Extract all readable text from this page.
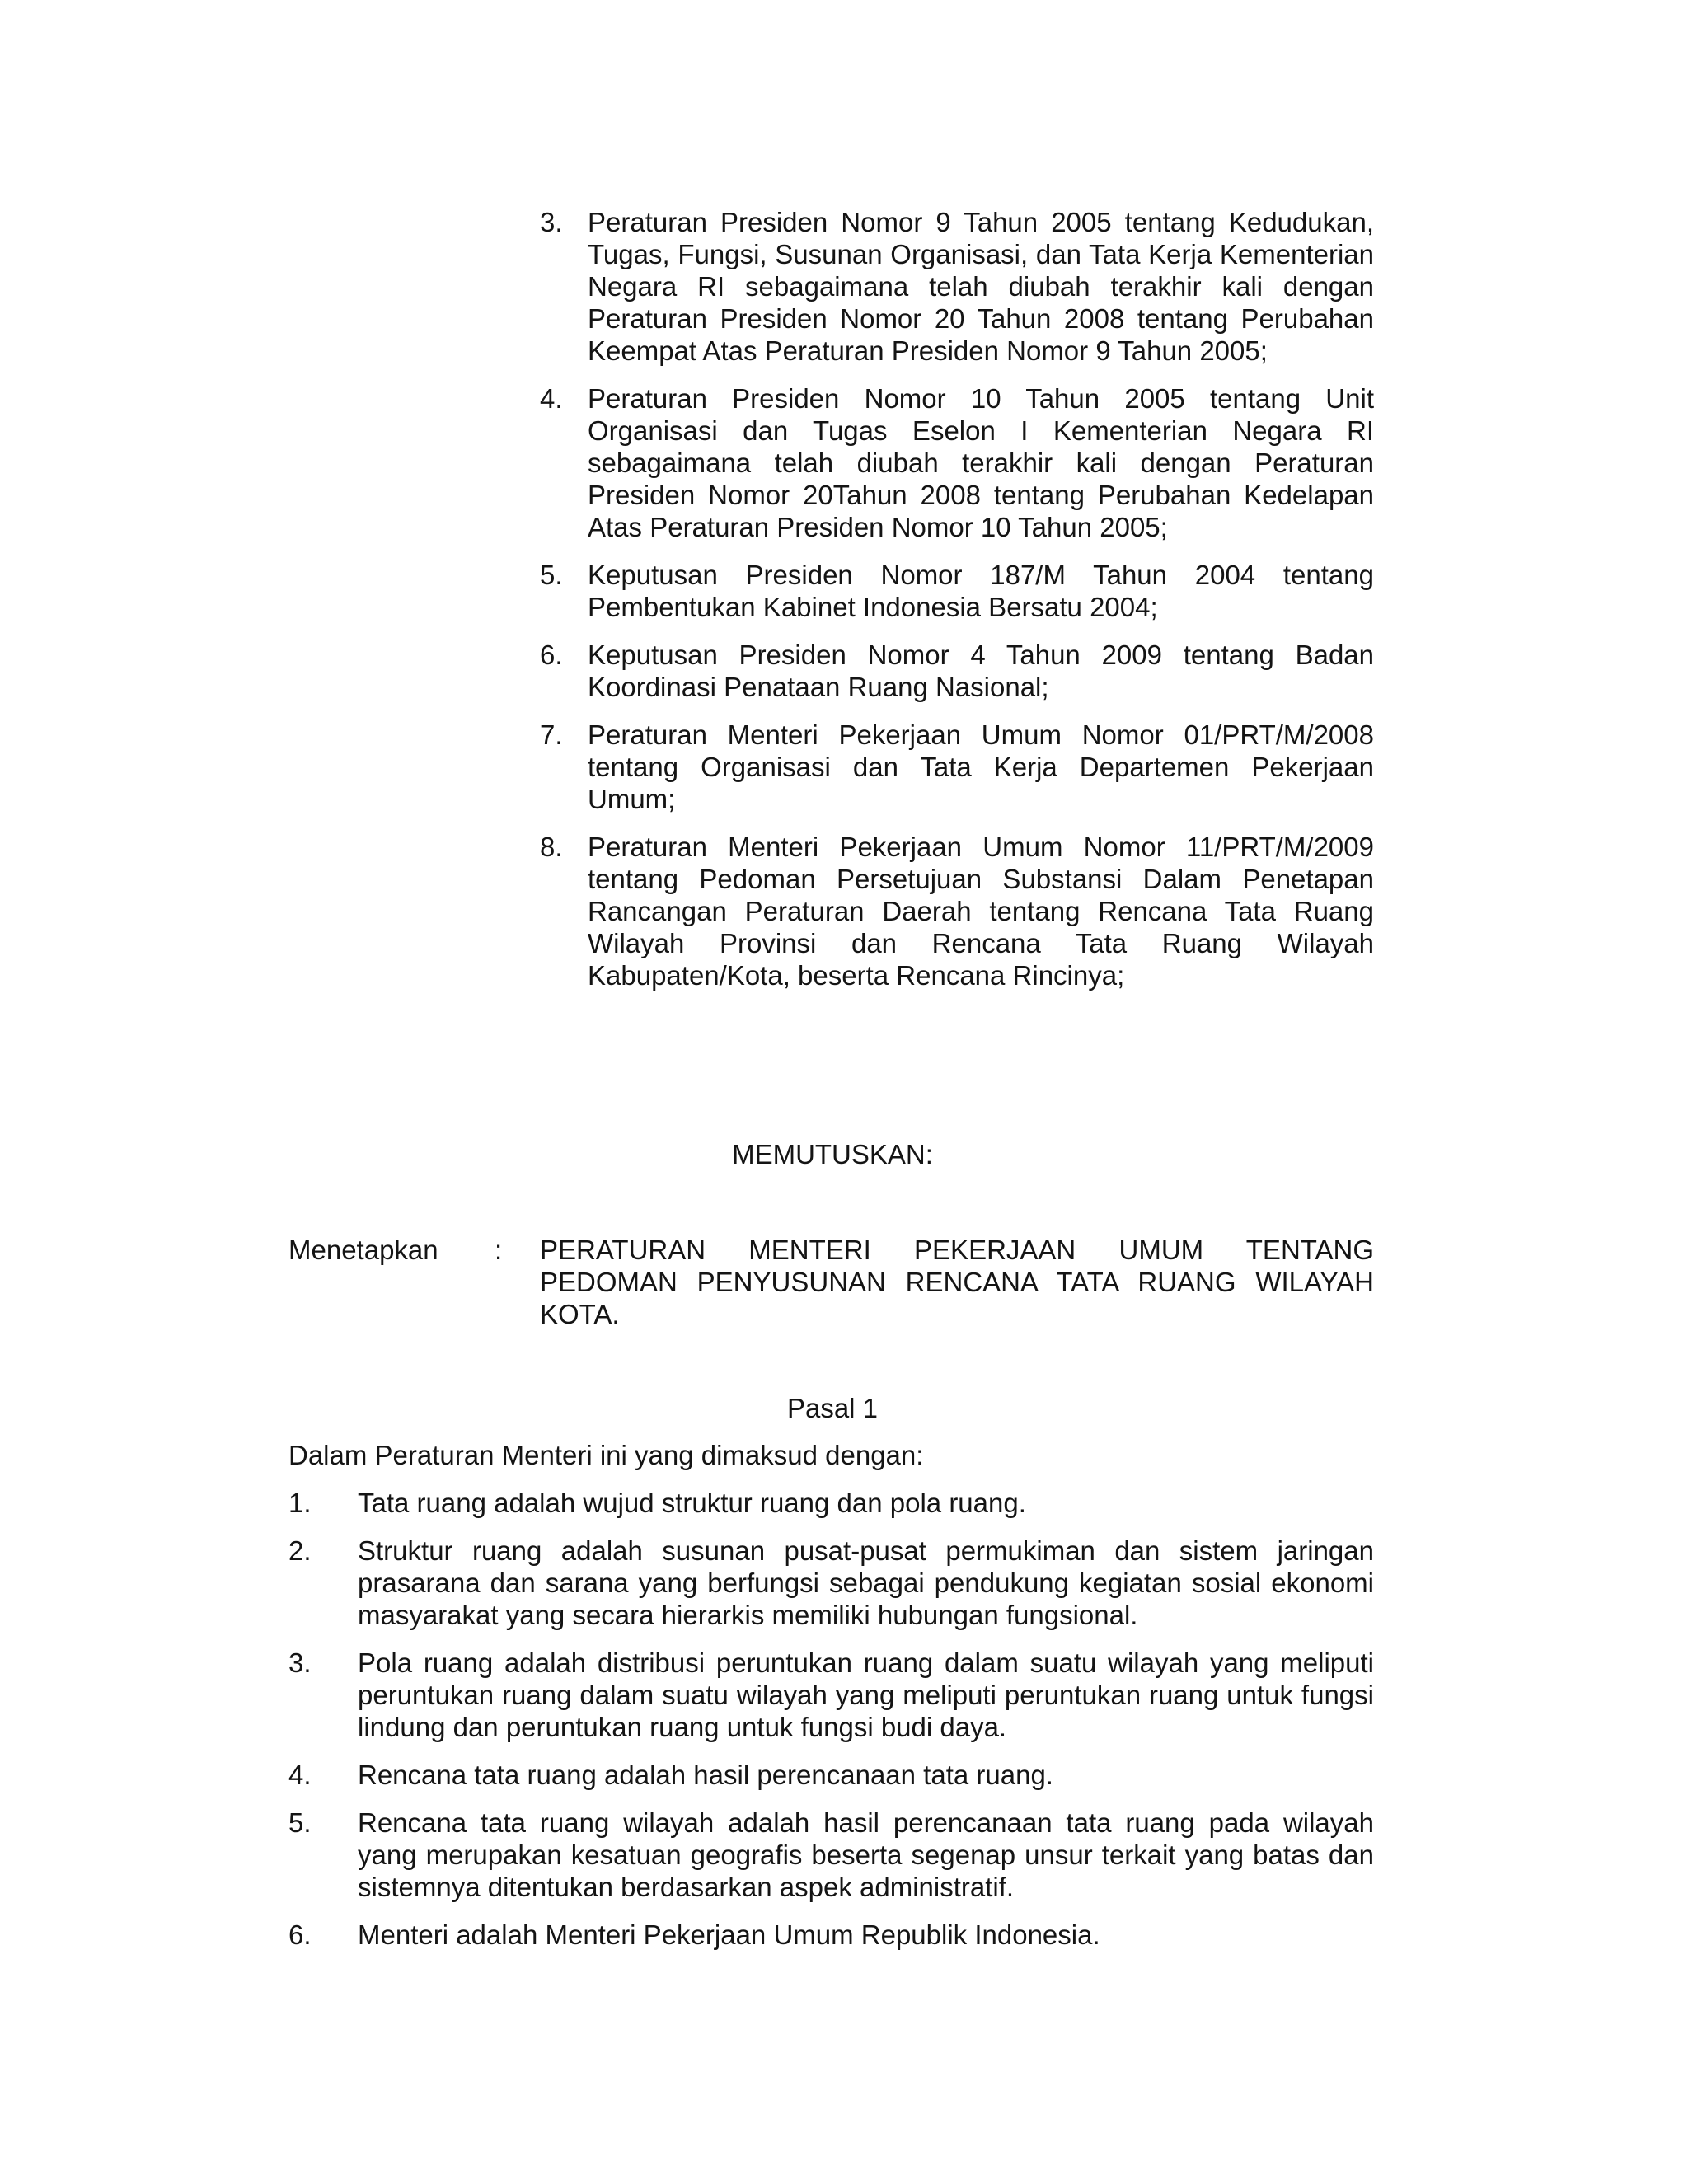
3. Peraturan Presiden Nomor 9 Tahun 2005 tentang Kedudukan, Tugas, Fungsi, Susunan Organisasi, dan Tata Kerja Kementerian Negara RI sebagaimana telah diubah terakhir kali dengan Peraturan Presiden Nomor 20 Tahun 2008 tentang Perubahan Keempat Atas Peraturan Presiden Nomor 9 Tahun 2005;
4. Peraturan Presiden Nomor 10 Tahun 2005 tentang Unit Organisasi dan Tugas Eselon I Kementerian Negara RI sebagaimana telah diubah terakhir kali dengan Peraturan Presiden Nomor 20Tahun 2008 tentang Perubahan Kedelapan Atas Peraturan Presiden Nomor 10 Tahun 2005;
5. Keputusan Presiden Nomor 187/M Tahun 2004 tentang Pembentukan Kabinet Indonesia Bersatu 2004;
6. Keputusan Presiden Nomor 4 Tahun 2009 tentang Badan Koordinasi Penataan Ruang Nasional;
7. Peraturan Menteri Pekerjaan Umum Nomor 01/PRT/M/2008 tentang Organisasi dan Tata Kerja Departemen Pekerjaan Umum;
8. Peraturan Menteri Pekerjaan Umum Nomor 11/PRT/M/2009 tentang Pedoman Persetujuan Substansi Dalam Penetapan Rancangan Peraturan Daerah tentang Rencana Tata Ruang Wilayah Provinsi dan Rencana Tata Ruang Wilayah Kabupaten/Kota, beserta Rencana Rincinya;
MEMUTUSKAN:
Menetapkan	:	PERATURAN MENTERI PEKERJAAN UMUM TENTANG PEDOMAN PENYUSUNAN RENCANA TATA RUANG WILAYAH KOTA.
Pasal 1
Dalam Peraturan Menteri ini yang dimaksud dengan:
1.	Tata ruang adalah wujud struktur ruang dan pola ruang.
2.	Struktur ruang adalah susunan pusat-pusat permukiman dan sistem jaringan prasarana dan sarana yang berfungsi sebagai pendukung kegiatan sosial ekonomi masyarakat yang secara hierarkis memiliki hubungan fungsional.
3.	Pola ruang adalah distribusi peruntukan ruang dalam suatu wilayah yang meliputi peruntukan ruang dalam suatu wilayah yang meliputi peruntukan ruang untuk fungsi lindung dan peruntukan ruang untuk fungsi budi daya.
4.	Rencana tata ruang adalah hasil perencanaan tata ruang.
5.	Rencana tata ruang wilayah adalah hasil perencanaan tata ruang pada wilayah yang merupakan kesatuan geografis beserta segenap unsur terkait yang batas dan sistemnya ditentukan berdasarkan aspek administratif.
6.	Menteri adalah Menteri Pekerjaan Umum Republik Indonesia.
